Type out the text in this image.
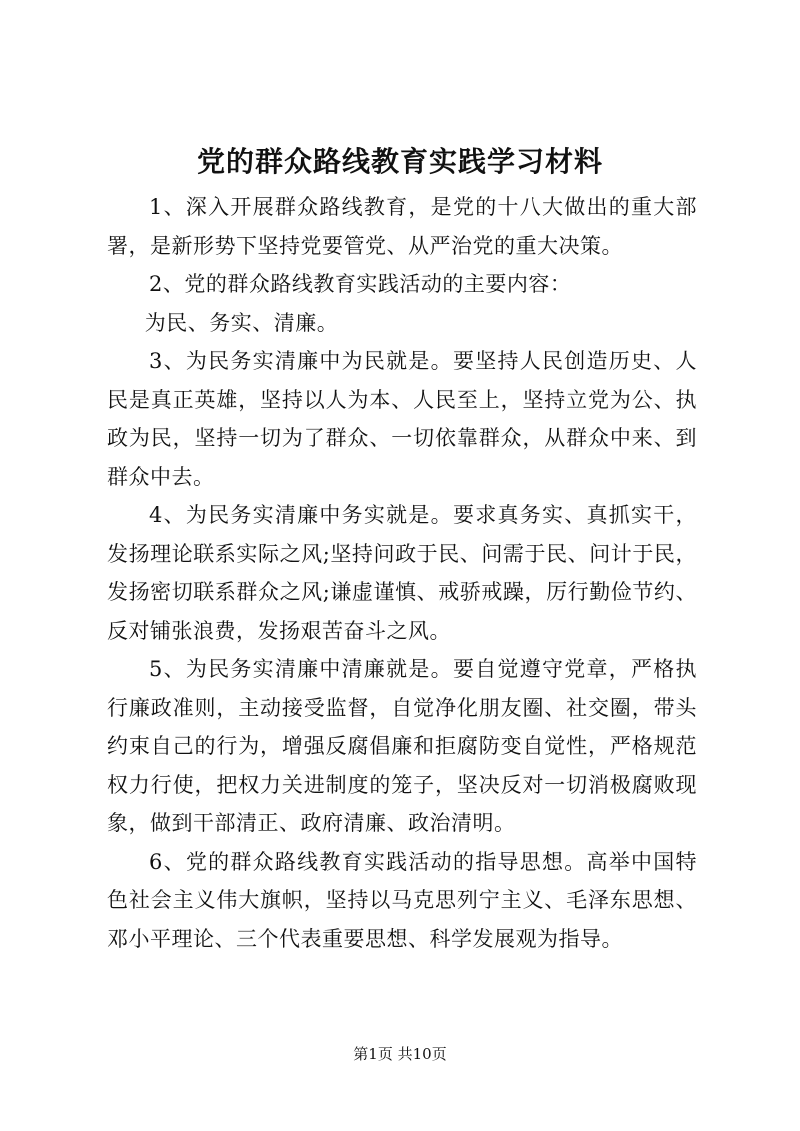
党的群众路线教育实践学习材料

1、深入开展群众路线教育，是党的十八大做出的重大部署，是新形势下坚持党要管党、从严治党的重大决策。

2、党的群众路线教育实践活动的主要内容：

为民、务实、清廉。

3、为民务实清廉中为民就是。要坚持人民创造历史、人民是真正英雄，坚持以人为本、人民至上，坚持立党为公、执政为民，坚持一切为了群众、一切依靠群众，从群众中来、到群众中去。

4、为民务实清廉中务实就是。要求真务实、真抓实干，发扬理论联系实际之风;坚持问政于民、问需于民、问计于民，发扬密切联系群众之风;谦虚谨慎、戒骄戒躁，厉行勤俭节约、反对铺张浪费，发扬艰苦奋斗之风。

5、为民务实清廉中清廉就是。要自觉遵守党章，严格执行廉政准则，主动接受监督，自觉净化朋友圈、社交圈，带头约束自己的行为，增强反腐倡廉和拒腐防变自觉性，严格规范权力行使，把权力关进制度的笼子，坚决反对一切消极腐败现象，做到干部清正、政府清廉、政治清明。

6、党的群众路线教育实践活动的指导思想。高举中国特色社会主义伟大旗帜，坚持以马克思列宁主义、毛泽东思想、邓小平理论、三个代表重要思想、科学发展观为指导。

第1页 共10页
